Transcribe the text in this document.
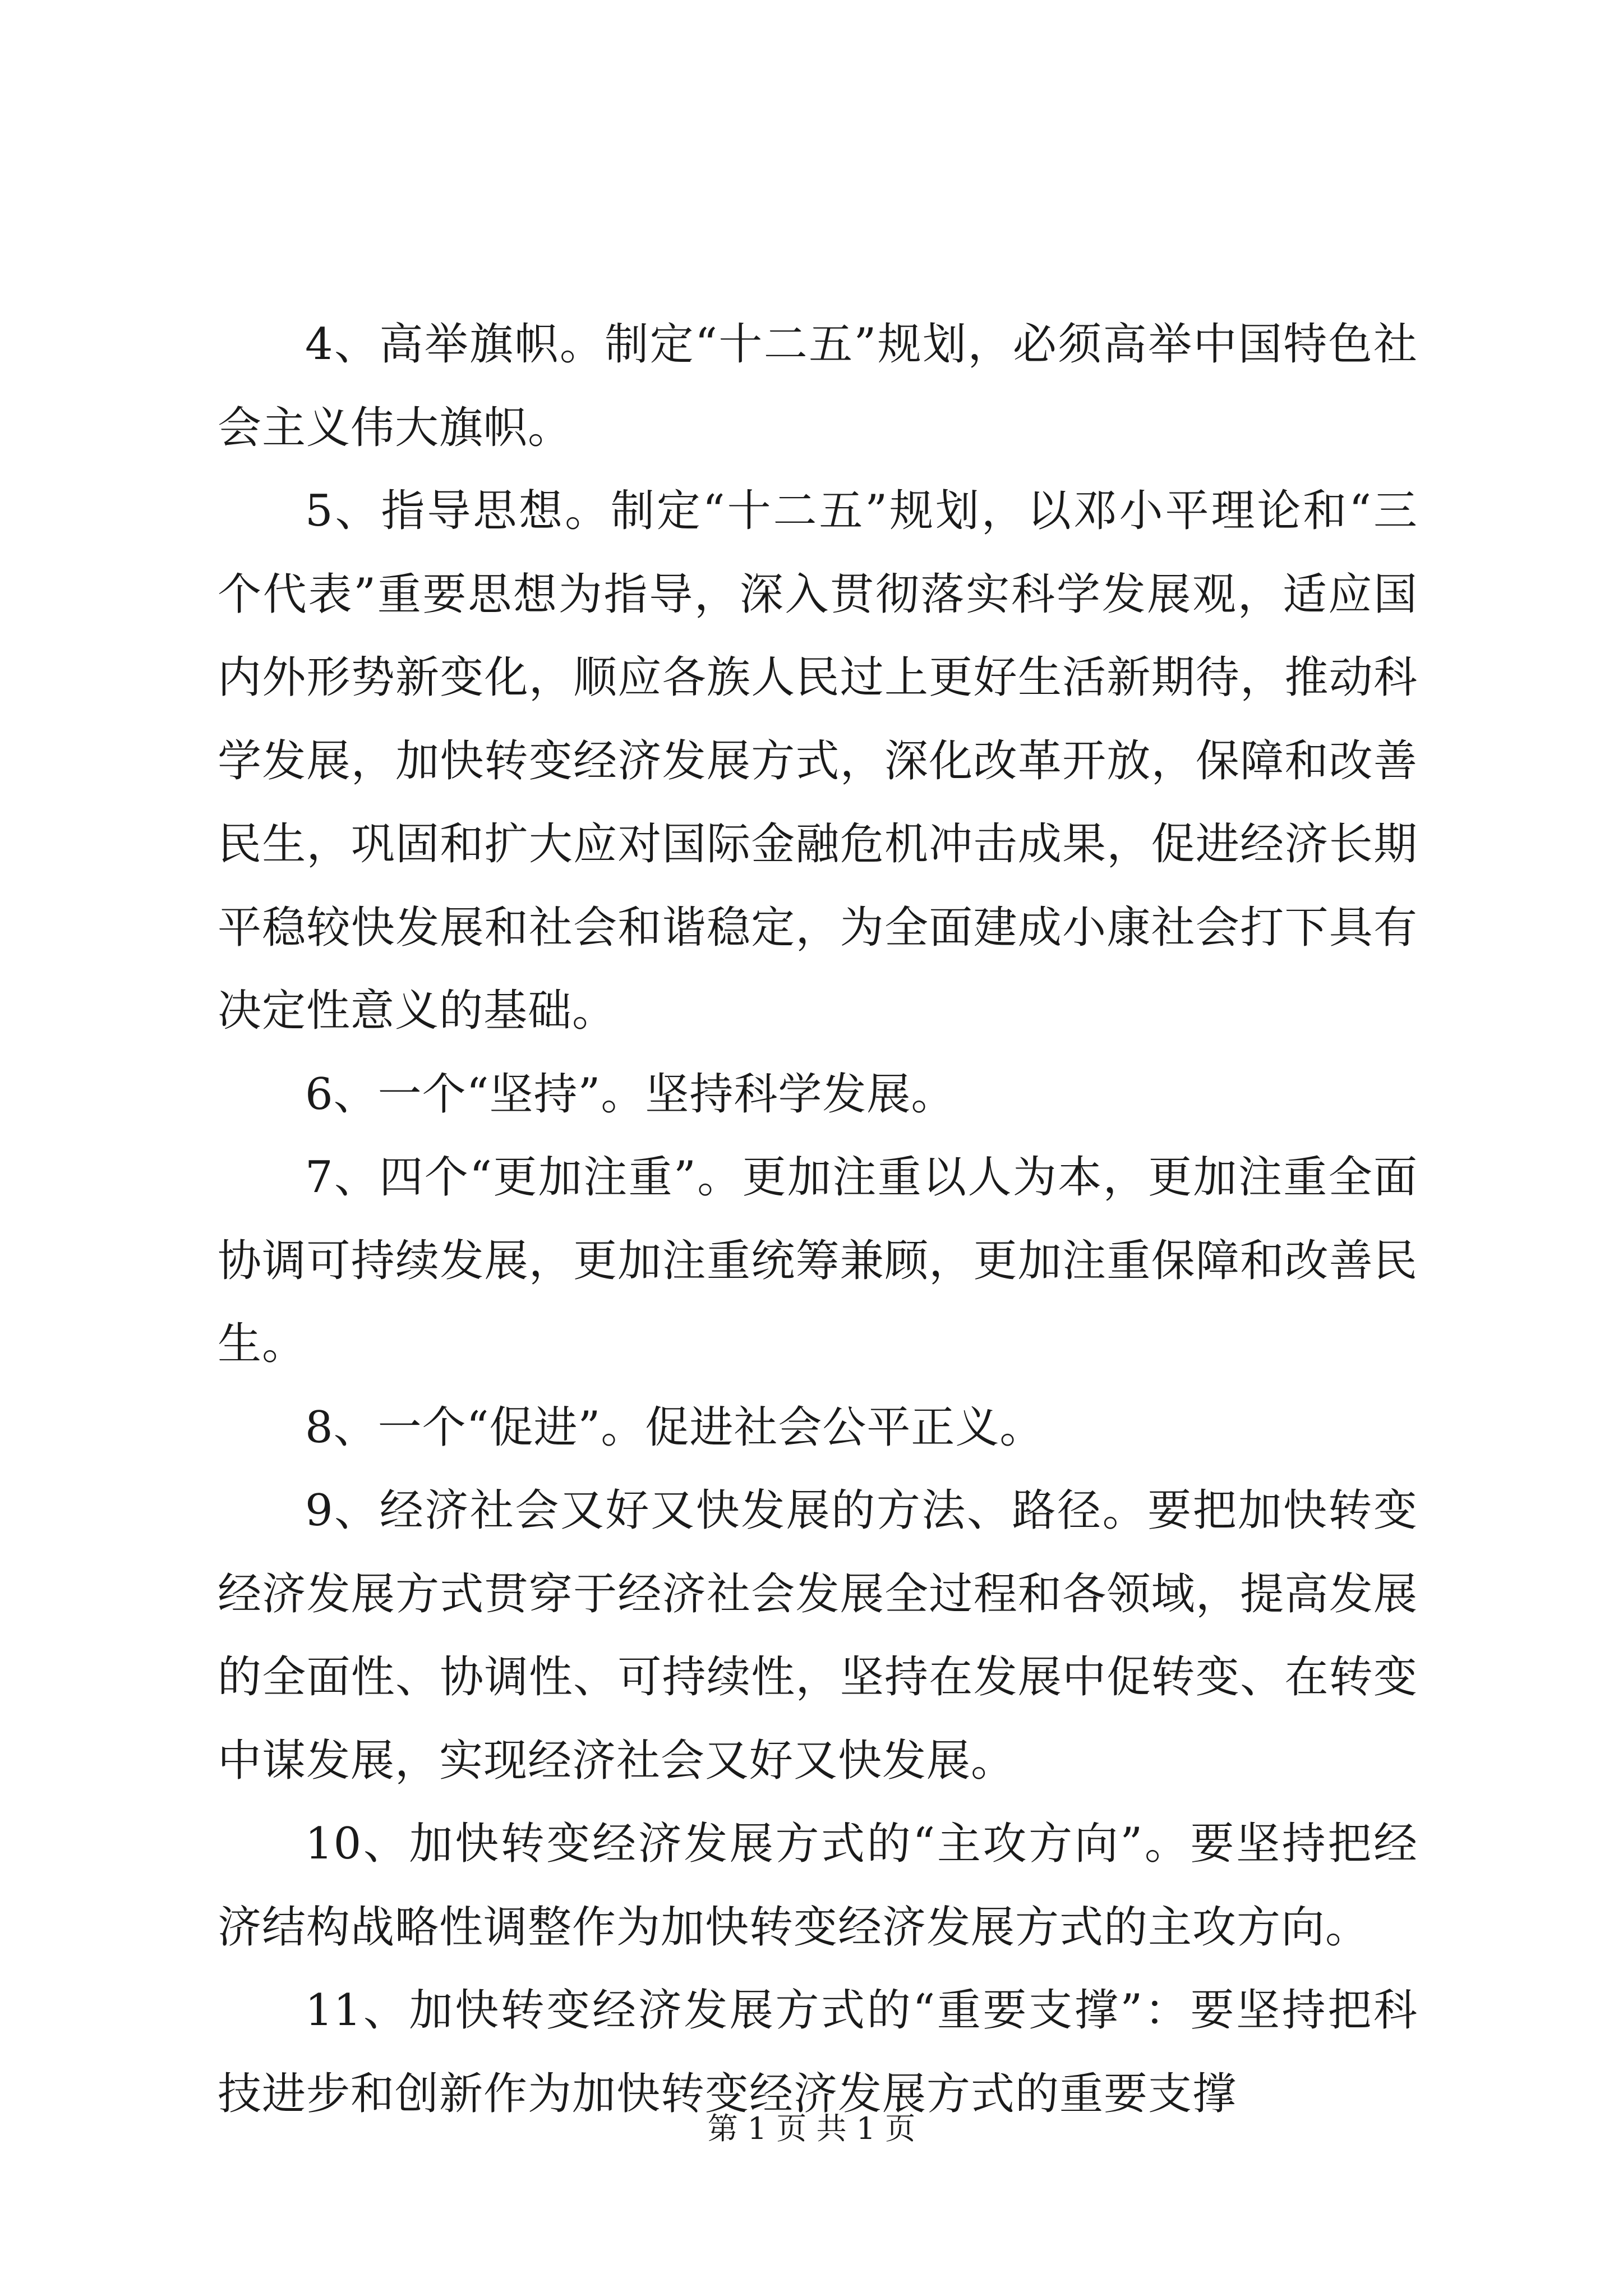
4、高举旗帜。制定“十二五”规划，必须高举中国特色社会主义伟大旗帜。

5、指导思想。制定“十二五”规划，以邓小平理论和“三个代表”重要思想为指导，深入贯彻落实科学发展观，适应国内外形势新变化，顺应各族人民过上更好生活新期待，推动科学发展，加快转变经济发展方式，深化改革开放，保障和改善民生，巩固和扩大应对国际金融危机冲击成果，促进经济长期平稳较快发展和社会和谐稳定，为全面建成小康社会打下具有决定性意义的基础。

6、一个“坚持”。坚持科学发展。

7、四个“更加注重”。更加注重以人为本，更加注重全面协调可持续发展，更加注重统筹兼顾，更加注重保障和改善民生。

8、一个“促进”。促进社会公平正义。

9、经济社会又好又快发展的方法、路径。要把加快转变经济发展方式贯穿于经济社会发展全过程和各领域，提高发展的全面性、协调性、可持续性，坚持在发展中促转变、在转变中谋发展，实现经济社会又好又快发展。

10、加快转变经济发展方式的“主攻方向”。要坚持把经济结构战略性调整作为加快转变经济发展方式的主攻方向。

11、加快转变经济发展方式的“重要支撑”：要坚持把科技进步和创新作为加快转变经济发展方式的重要支撑

第 1 页 共 1 页
